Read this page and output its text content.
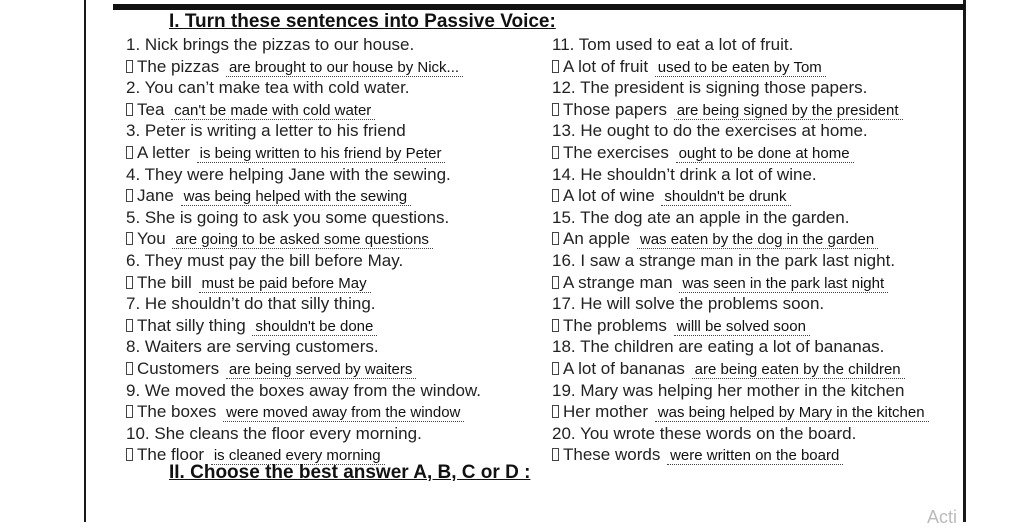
I. Turn these sentences into Passive Voice:
1. Nick brings the pizzas to our house.
The pizzas are brought to our house by Nick...
2. You can’t make tea with cold water.
Tea can't be made with cold water
3. Peter is writing a letter to his friend
A letter is being written to his friend by Peter
4. They were helping Jane with the sewing.
Jane was being helped with the sewing
5. She is going to ask you some questions.
You are going to be asked some questions
6. They must pay the bill before May.
The bill must be paid before May
7. He shouldn’t do that silly thing.
That silly thing shouldn't be done
8. Waiters are serving customers.
Customers are being served by waiters
9. We moved the boxes away from the window.
The boxes were moved away from the window
10. She cleans the floor every morning.
The floor is cleaned every morning
11. Tom used to eat a lot of fruit.
A lot of fruit used to be eaten by Tom
12. The president is signing those papers.
Those papers are being signed by the president
13. He ought to do the exercises at home.
The exercises ought to be done at home
14. He shouldn’t drink a lot of wine.
A lot of wine shouldn't be drunk
15. The dog ate an apple in the garden.
An apple was eaten by the dog in the garden
16. I saw a strange man in the park last night.
A strange man was seen in the park last night
17. He will solve the problems soon.
The problems willl be solved soon
18. The children are eating a lot of bananas.
A lot of bananas are being eaten by the children
19. Mary was helping her mother in the kitchen
Her mother was being helped by Mary in the kitchen
20. You wrote these words on the board.
These words were written on the board
II. Choose the best answer A, B, C or D :
Acti
